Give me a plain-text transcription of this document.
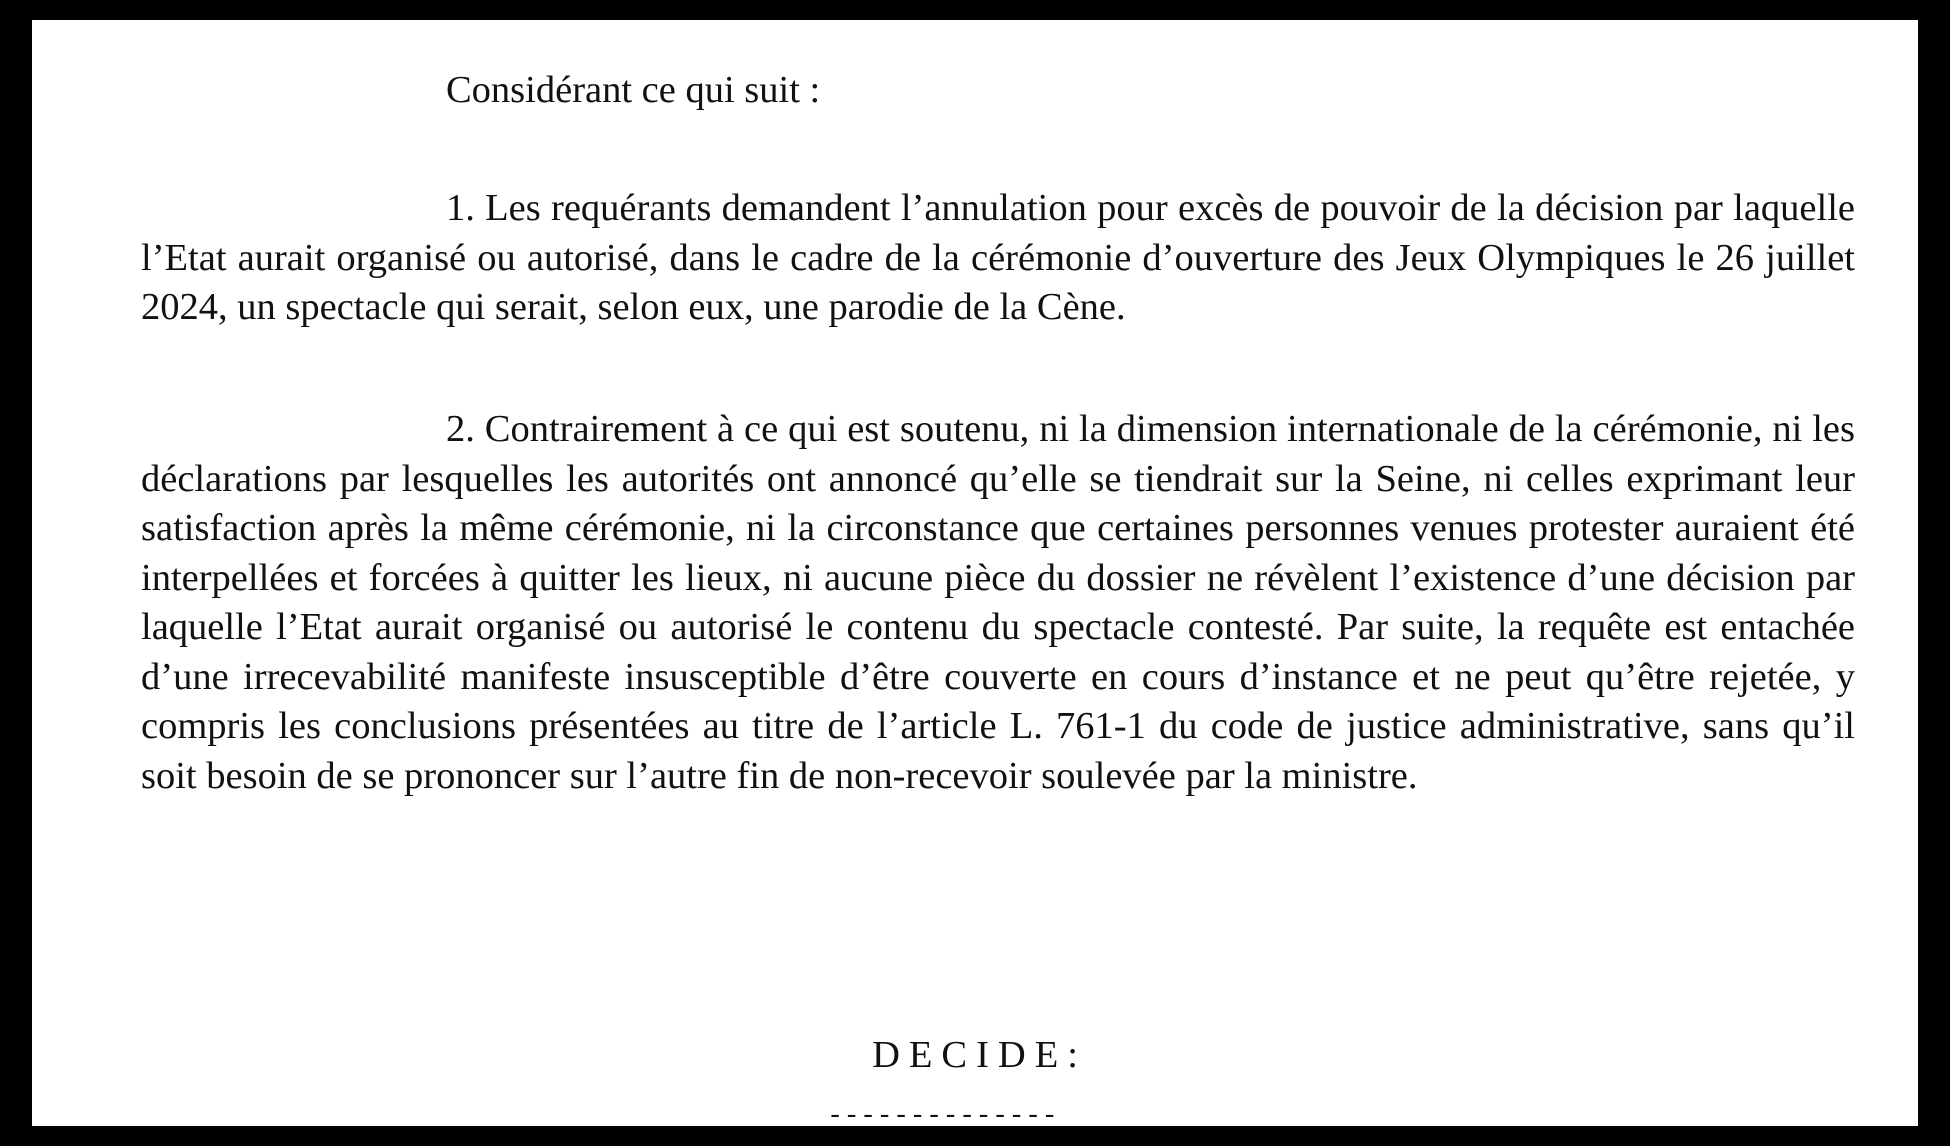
Considérant ce qui suit :

1. Les requérants demandent l’annulation pour excès de pouvoir de la décision par laquelle l’Etat aurait organisé ou autorisé, dans le cadre de la cérémonie d’ouverture des Jeux Olympiques le 26 juillet 2024, un spectacle qui serait, selon eux, une parodie de la Cène.

2. Contrairement à ce qui est soutenu, ni la dimension internationale de la cérémonie, ni les déclarations par lesquelles les autorités ont annoncé qu’elle se tiendrait sur la Seine, ni celles exprimant leur satisfaction après la même cérémonie, ni la circonstance que certaines personnes venues protester auraient été interpellées et forcées à quitter les lieux, ni aucune pièce du dossier ne révèlent l’existence d’une décision par laquelle l’Etat aurait organisé ou autorisé le contenu du spectacle contesté. Par suite, la requête est entachée d’une irrecevabilité manifeste insusceptible d’être couverte en cours d’instance et ne peut qu’être rejetée, y compris les conclusions présentées au titre de l’article L. 761-1 du code de justice administrative, sans qu’il soit besoin de se prononcer sur l’autre fin de non-recevoir soulevée par la ministre.

DECIDE:

--------------
